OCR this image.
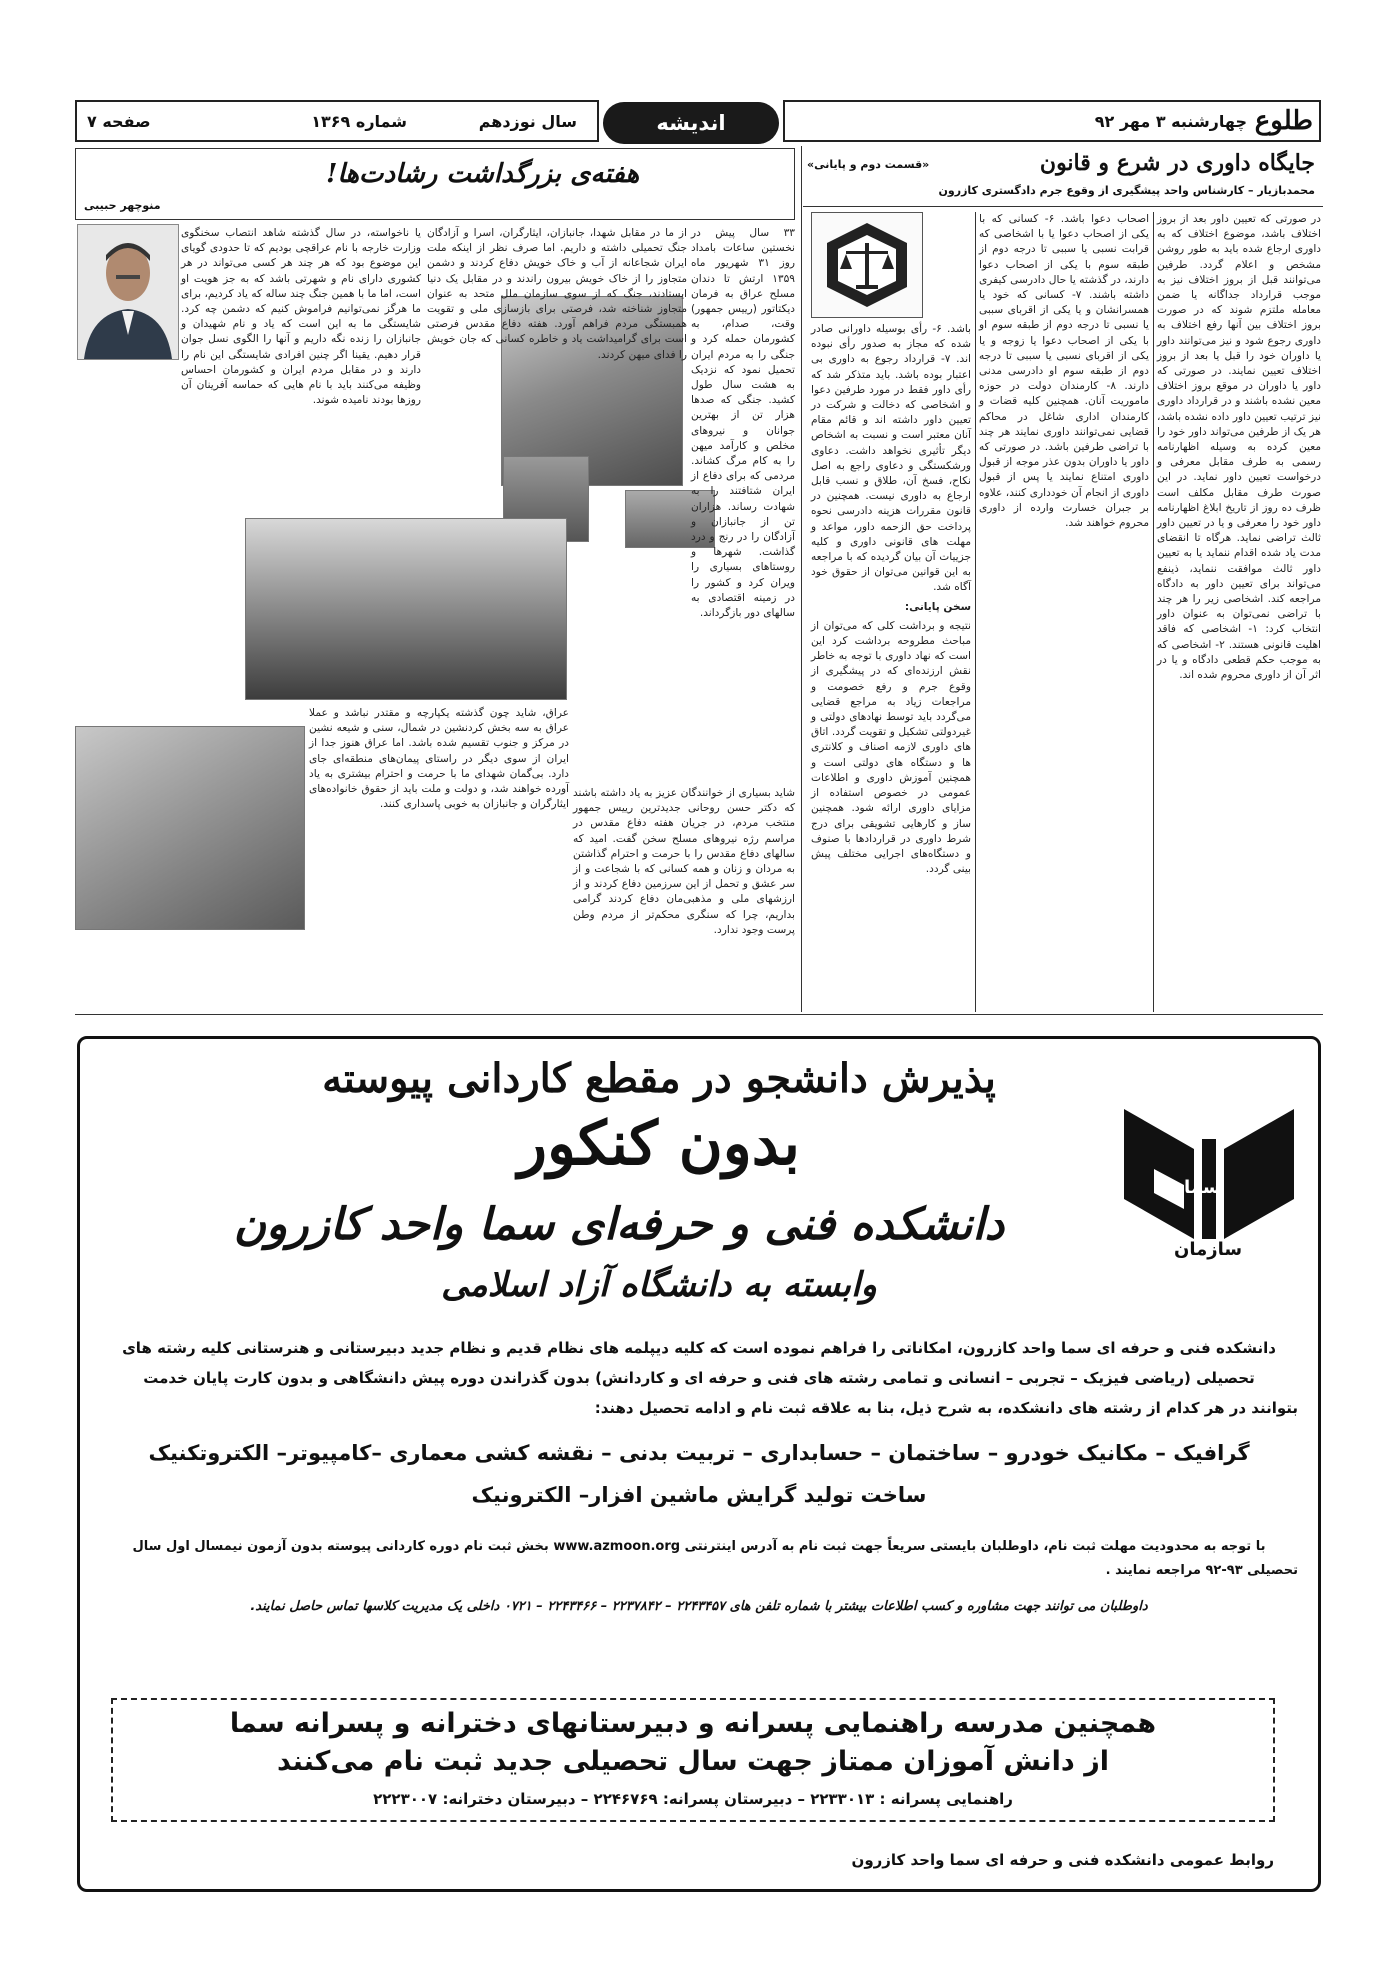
طلوع
چهارشنبه ۳ مهر ۹۲
اندیشه
سال نوزدهم
شماره ۱۳۶۹
صفحه ۷
جایگاه داوری در شرع و قانون
«قسمت دوم و پایانی»
محمدبازیار – کارشناس واحد پیشگیری از وقوع جرم دادگستری کازرون
در صورتی که تعیین داور بعد از بروز اختلاف باشد، موضوع اختلاف که به داوری ارجاع شده باید به طور روشن مشخص و اعلام گردد. طرفین می‌توانند قبل از بروز اختلاف نیز به موجب قرارداد جداگانه یا ضمن معامله ملتزم شوند که در صورت بروز اختلاف بین آنها رفع اختلاف به داوری رجوع شود و نیز می‌توانند داور یا داوران خود را قبل یا بعد از بروز اختلاف تعیین نمایند. در صورتی که داور یا داوران در موقع بروز اختلاف معین نشده باشند و در قرارداد داوری نیز ترتیب تعیین داور داده نشده باشد، هر یک از طرفین می‌تواند داور خود را معین کرده به وسیله اظهارنامه رسمی به طرف مقابل معرفی و درخواست تعیین داور نماید. در این صورت طرف مقابل مکلف است ظرف ده روز از تاریخ ابلاغ اظهارنامه داور خود را معرفی و یا در تعیین داور ثالث تراضی نماید. هرگاه تا انقضای مدت یاد شده اقدام ننماید یا به تعیین داور ثالث موافقت ننماید، ذینفع می‌تواند برای تعیین داور به دادگاه مراجعه کند. اشخاصی زیر را هر چند با تراضی نمی‌توان به عنوان داور انتخاب کرد: ۱- اشخاصی که فاقد اهلیت قانونی هستند. ۲- اشخاصی که به موجب حکم قطعی دادگاه و یا در اثر آن از داوری محروم شده اند.
اصحاب دعوا باشد. ۶- کسانی که با یکی از اصحاب دعوا یا با اشخاصی که قرابت نسبی یا سببی تا درجه دوم از طبقه سوم با یکی از اصحاب دعوا دارند، در گذشته یا حال دادرسی کیفری داشته باشند. ۷- کسانی که خود یا همسرانشان و یا یکی از اقربای سببی یا نسبی تا درجه دوم از طبقه سوم او با یکی از اصحاب دعوا یا زوجه و یا یکی از اقربای نسبی یا سببی تا درجه دوم از طبقه سوم او دادرسی مدنی دارند. ۸- کارمندان دولت در حوزه ماموریت آنان. همچنین کلیه قضات و کارمندان اداری شاغل در محاکم قضایی نمی‌توانند داوری نمایند هر چند با تراضی طرفین باشد. در صورتی که داور یا داوران بدون عذر موجه از قبول داوری امتناع نمایند یا پس از قبول داوری از انجام آن خودداری کنند، علاوه بر جبران خسارت وارده از داوری محروم خواهند شد.

باشد. ۶- رأی بوسیله داورانی صادر شده که مجاز به صدور رأی نبوده اند. ۷- قرارداد رجوع به داوری بی اعتبار بوده باشد. باید متذکر شد که رأی داور فقط در مورد طرفین دعوا و اشخاصی که دخالت و شرکت در تعیین داور داشته اند و قائم مقام آنان معتبر است و نسبت به اشخاص دیگر تأثیری نخواهد داشت. دعاوی ورشکستگی و دعاوی راجع به اصل نکاح، فسخ آن، طلاق و نسب قابل ارجاع به داوری نیست. همچنین در قانون مقررات هزینه دادرسی نحوه پرداخت حق الزحمه داور، مواعد و مهلت های قانونی داوری و کلیه جزییات آن بیان گردیده که با مراجعه به این قوانین می‌توان از حقوق خود آگاه شد.

سخن پایانی:

نتیجه و برداشت کلی که می‌توان از مباحث مطروحه برداشت کرد این است که نهاد داوری با توجه به خاطر نقش ارزنده‌ای که در پیشگیری از وقوع جرم و رفع خصومت و مراجعات زیاد به مراجع قضایی می‌گردد باید توسط نهادهای دولتی و غیردولتی تشکیل و تقویت گردد. اتاق های داوری لازمه اصناف و کلانتری ها و دستگاه های دولتی است و همچنین آموزش داوری و اطلاعات عمومی در خصوص استفاده از مزایای داوری ارائه شود. همچنین ساز و کارهایی تشویقی برای درج شرط داوری در قراردادها با صنوف و دستگاه‌های اجرایی مختلف پیش بینی گردد.

هفته‌ی بزرگداشت رشادت‌ها!
منوچهر حبیبی
۳۳ سال پیش در نخستین ساعات بامداد روز ۳۱ شهریور ماه ۱۳۵۹ ارتش تا دندان مسلح عراق به فرمان دیکتاتور (رییس جمهور) وقت، صدام، به کشورمان حمله کرد و جنگی را به مردم ایران تحمیل نمود که نزدیک به هشت سال طول کشید. جنگی که صدها هزار تن از بهترین جوانان و نیروهای مخلص و کارآمد میهن را به کام مرگ کشاند. مردمی که برای دفاع از ایران شتافتند را به شهادت رساند. هزاران تن از جانبازان و آزادگان را در رنج و درد گذاشت. شهرها و روستاهای بسیاری را ویران کرد و کشور را در زمینه اقتصادی به سالهای دور بازگرداند.
از ما در مقابل شهدا، جانبازان، ایثارگران، اسرا و آزادگان جنگ تحمیلی داشته و داریم. اما صرف نظر از اینکه ملت ایران شجاعانه از آب و خاک خویش دفاع کردند و دشمن متجاوز را از خاک خویش بیرون راندند و در مقابل یک دنیا ایستادند، جنگ که از سوی سازمان ملل متحد به عنوان متجاوز شناخته شد، فرصتی برای بازسازی ملی و تقویت همبستگی مردم فراهم آورد. هفته دفاع مقدس فرصتی است برای گرامیداشت یاد و خاطره کسانی که جان خویش را فدای میهن کردند.
یا ناخواسته، در سال گذشته شاهد انتصاب سخنگوی وزارت خارجه با نام عراقچی بودیم که تا حدودی گویای این موضوع بود که هر چند هر کسی می‌تواند در هر کشوری دارای نام و شهرتی باشد که به جز هویت او است، اما ما با همین جنگ چند ساله که یاد کردیم، برای ما هرگز نمی‌توانیم فراموش کنیم که دشمن چه کرد. شایستگی ما به این است که یاد و نام شهیدان و جانبازان را زنده نگه داریم و آنها را الگوی نسل جوان قرار دهیم. یقینا اگر چنین افرادی شایستگی این نام را دارند و در مقابل مردم ایران و کشورمان احساس وظیفه می‌کنند باید با نام هایی که حماسه آفرینان آن روزها بودند نامیده شوند.
عراق، شاید چون گذشته یکپارچه و مقتدر نباشد و عملا عراق به سه بخش کردنشین در شمال، سنی و شیعه نشین در مرکز و جنوب تقسیم شده باشد. اما عراق هنوز جدا از ایران از سوی دیگر در راستای پیمان‌های منطقه‌ای جای دارد. بی‌گمان شهدای ما با حرمت و احترام بیشتری به یاد آورده خواهند شد، و دولت و ملت باید از حقوق خانواده‌های ایثارگران و جانبازان به خوبی پاسداری کنند.
شاید بسیاری از خوانندگان عزیز به یاد داشته باشند که دکتر حسن روحانی جدیدترین رییس جمهور منتخب مردم، در جریان هفته دفاع مقدس در مراسم رژه نیروهای مسلح سخن گفت. امید که سالهای دفاع مقدس را با حرمت و احترام گذاشتن به مردان و زنان و همه کسانی که با شجاعت و از سر عشق و تحمل از این سرزمین دفاع کردند و از ارزشهای ملی و مذهبی‌مان دفاع کردند گرامی بداریم، چرا که سنگری محکم‌تر از مردم وطن پرست وجود ندارد.
سما
سازمان
پذیرش دانشجو در مقطع کاردانی پیوسته
بدون کنکور
دانشکده فنی و حرفه‌ای سما واحد کازرون
وابسته به دانشگاه آزاد اسلامی
دانشکده فنی و حرفه ای سما واحد کازرون، امکاناتی را فراهم نموده است که کلیه دیپلمه های نظام قدیم و نظام جدید دبیرستانی و هنرستانی کلیه رشته های
تحصیلی (ریاضی فیزیک – تجربی – انسانی و تمامی رشته های فنی و حرفه ای و کاردانش) بدون گذراندن دوره پیش دانشگاهی و بدون کارت پایان خدمت
بتوانند در هر کدام از رشته های دانشکده، به شرح ذیل، بنا به علاقه ثبت نام و ادامه تحصیل دهند:
گرافیک – مکانیک خودرو – ساختمان – حسابداری – تربیت بدنی – نقشه کشی معماری –کامپیوتر– الکتروتکنیک
ساخت تولید گرایش ماشین افزار– الکترونیک
با توجه به محدودیت مهلت ثبت نام، داوطلبان بایستی سریعاً جهت ثبت نام به آدرس اینترنتی www.azmoon.org بخش ثبت نام دوره کاردانی پیوسته بدون آزمون نیمسال اول سال
تحصیلی ۹۳-۹۲ مراجعه نمایند .
داوطلبان می توانند جهت مشاوره و کسب اطلاعات بیشتر با شماره تلفن های ۲۲۴۳۴۵۷ – ۲۲۳۷۸۴۲ – ۲۲۴۳۴۶۶ – ۰۷۲۱ داخلی یک مدیریت کلاسها تماس حاصل نمایند.
روابط عمومی دانشکده فنی و حرفه ای سما واحد کازرون
همچنین مدرسه راهنمایی پسرانه و دبیرستانهای دخترانه و پسرانه سما
از دانش آموزان ممتاز جهت سال تحصیلی جدید ثبت نام می‌کنند
راهنمایی پسرانه : ۲۲۳۳۰۱۳ – دبیرستان پسرانه: ۲۲۴۶۷۶۹ – دبیرستان دخترانه: ۲۲۲۳۰۰۷
